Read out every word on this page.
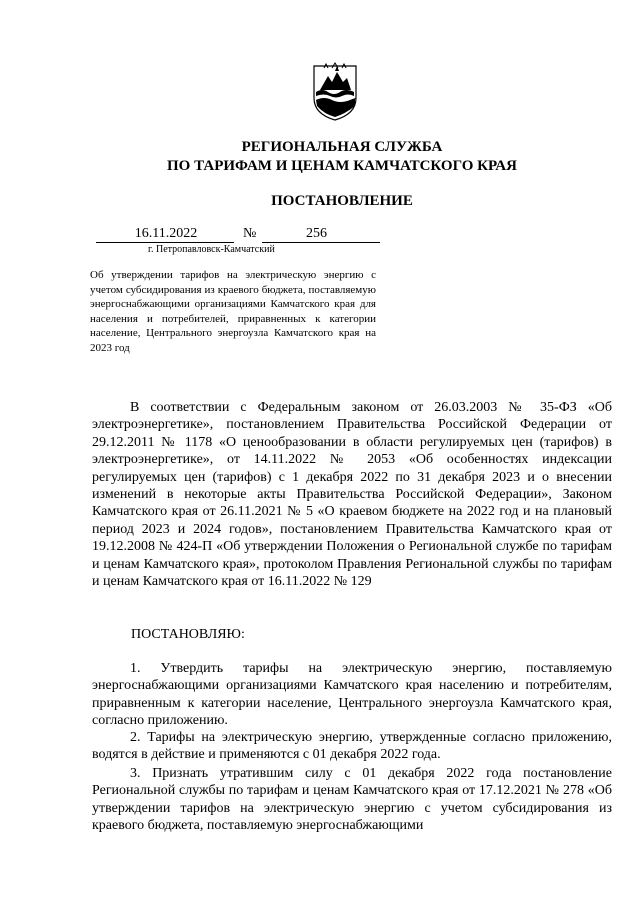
РЕГИОНАЛЬНАЯ СЛУЖБА
ПО ТАРИФАМ И ЦЕНАМ КАМЧАТСКОГО КРАЯ
ПОСТАНОВЛЕНИЕ
16.11.2022	№	256
г. Петропавловск-Камчатский
Об утверждении тарифов на электрическую энергию с учетом субсидирования из краевого бюджета, поставляемую энергоснабжающими организациями Камчатского края для населения и потребителей, приравненных к категории население, Центрального энергоузла Камчатского края на 2023 год
В соответствии с Федеральным законом от 26.03.2003 № 35-ФЗ «Об электроэнергетике», постановлением Правительства Российской Федерации от 29.12.2011 № 1178 «О ценообразовании в области регулируемых цен (тарифов) в электроэнергетике», от 14.11.2022 № 2053 «Об особенностях индексации регулируемых цен (тарифов) с 1 декабря 2022 по 31 декабря 2023 и о внесении изменений в некоторые акты Правительства Российской Федерации», Законом Камчатского края от 26.11.2021 № 5 «О краевом бюджете на 2022 год и на плановый период 2023 и 2024 годов», постановлением Правительства Камчатского края от 19.12.2008 № 424-П «Об утверждении Положения о Региональной службе по тарифам и ценам Камчатского края», протоколом Правления Региональной службы по тарифам и ценам Камчатского края от 16.11.2022 № 129
ПОСТАНОВЛЯЮ:
1. Утвердить тарифы на электрическую энергию, поставляемую энергоснабжающими организациями Камчатского края населению и потребителям, приравненным к категории население, Центрального энергоузла Камчатского края, согласно приложению.
2. Тарифы на электрическую энергию, утвержденные согласно приложению, водятся в действие и применяются с 01 декабря 2022 года.
3. Признать утратившим силу с 01 декабря 2022 года постановление Региональной службы по тарифам и ценам Камчатского края от 17.12.2021 № 278 «Об утверждении тарифов на электрическую энергию с учетом субсидирования из краевого бюджета, поставляемую энергоснабжающими
